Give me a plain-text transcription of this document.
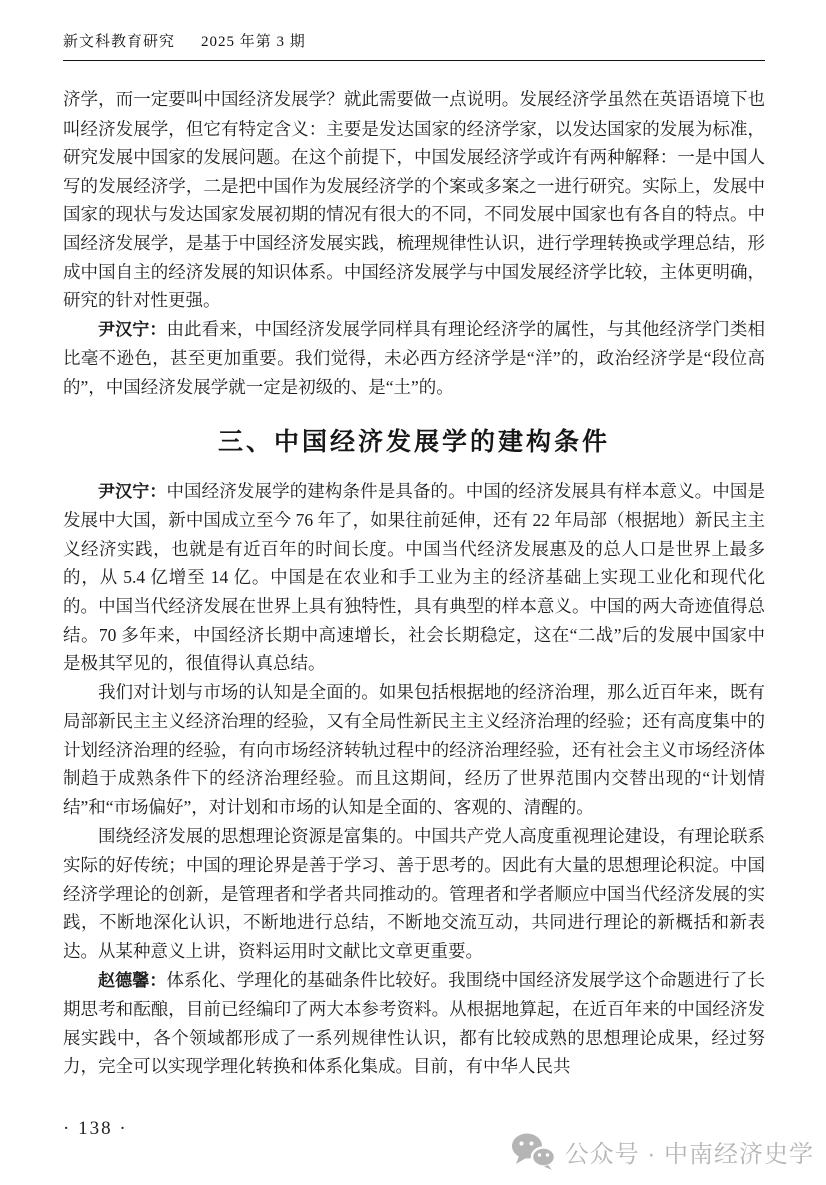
新文科教育研究 2025 年第 3 期

济学，而一定要叫中国经济发展学？就此需要做一点说明。发展经济学虽然在英语语境下也叫经济发展学，但它有特定含义：主要是发达国家的经济学家，以发达国家的发展为标准，研究发展中国家的发展问题。在这个前提下，中国发展经济学或许有两种解释：一是中国人写的发展经济学，二是把中国作为发展经济学的个案或多案之一进行研究。实际上，发展中国家的现状与发达国家发展初期的情况有很大的不同，不同发展中国家也有各自的特点。中国经济发展学，是基于中国经济发展实践，梳理规律性认识，进行学理转换或学理总结，形成中国自主的经济发展的知识体系。中国经济发展学与中国发展经济学比较，主体更明确，研究的针对性更强。

尹汉宁：由此看来，中国经济发展学同样具有理论经济学的属性，与其他经济学门类相比毫不逊色，甚至更加重要。我们觉得，未必西方经济学是“洋”的，政治经济学是“段位高的”，中国经济发展学就一定是初级的、是“土”的。

三、中国经济发展学的建构条件

尹汉宁：中国经济发展学的建构条件是具备的。中国的经济发展具有样本意义。中国是发展中大国，新中国成立至今 76 年了，如果往前延伸，还有 22 年局部（根据地）新民主主义经济实践，也就是有近百年的时间长度。中国当代经济发展惠及的总人口是世界上最多的，从 5.4 亿增至 14 亿。中国是在农业和手工业为主的经济基础上实现工业化和现代化的。中国当代经济发展在世界上具有独特性，具有典型的样本意义。中国的两大奇迹值得总结。70 多年来，中国经济长期中高速增长，社会长期稳定，这在“二战”后的发展中国家中是极其罕见的，很值得认真总结。

我们对计划与市场的认知是全面的。如果包括根据地的经济治理，那么近百年来，既有局部新民主主义经济治理的经验，又有全局性新民主主义经济治理的经验；还有高度集中的计划经济治理的经验，有向市场经济转轨过程中的经济治理经验，还有社会主义市场经济体制趋于成熟条件下的经济治理经验。而且这期间，经历了世界范围内交替出现的“计划情结”和“市场偏好”，对计划和市场的认知是全面的、客观的、清醒的。

围绕经济发展的思想理论资源是富集的。中国共产党人高度重视理论建设，有理论联系实际的好传统；中国的理论界是善于学习、善于思考的。因此有大量的思想理论积淀。中国经济学理论的创新，是管理者和学者共同推动的。管理者和学者顺应中国当代经济发展的实践，不断地深化认识，不断地进行总结，不断地交流互动，共同进行理论的新概括和新表达。从某种意义上讲，资料运用时文献比文章更重要。

赵德馨：体系化、学理化的基础条件比较好。我围绕中国经济发展学这个命题进行了长期思考和酝酿，目前已经编印了两大本参考资料。从根据地算起，在近百年来的中国经济发展实践中，各个领域都形成了一系列规律性认识，都有比较成熟的思想理论成果，经过努力，完全可以实现学理化转换和体系化集成。目前，有中华人民共

· 138 ·
公众号 · 中南经济史学
